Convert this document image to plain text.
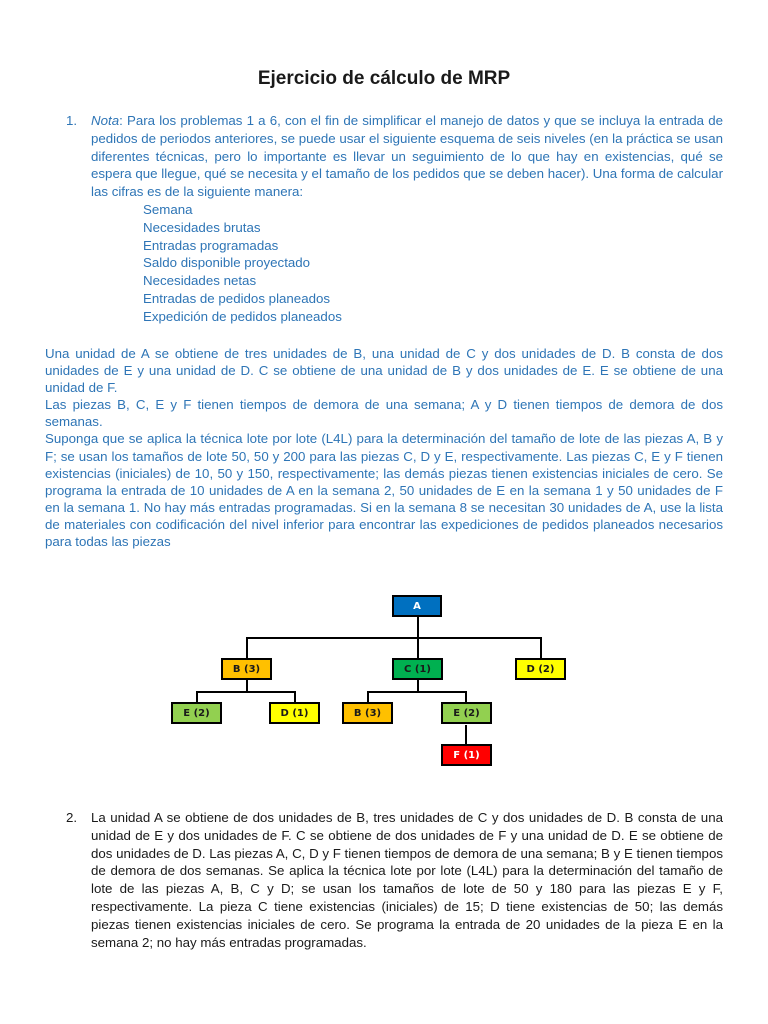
Ejercicio de cálculo de MRP
1. Nota: Para los problemas 1 a 6, con el fin de simplificar el manejo de datos y que se incluya la entrada de pedidos de periodos anteriores, se puede usar el siguiente esquema de seis niveles (en la práctica se usan diferentes técnicas, pero lo importante es llevar un seguimiento de lo que hay en existencias, qué se espera que llegue, qué se necesita y el tamaño de los pedidos que se deben hacer). Una forma de calcular las cifras es de la siguiente manera:
Semana
Necesidades brutas
Entradas programadas
Saldo disponible proyectado
Necesidades netas
Entradas de pedidos planeados
Expedición de pedidos planeados

Una unidad de A se obtiene de tres unidades de B, una unidad de C y dos unidades de D. B consta de dos unidades de E y una unidad de D. C se obtiene de una unidad de B y dos unidades de E. E se obtiene de una unidad de F.

Las piezas B, C, E y F tienen tiempos de demora de una semana; A y D tienen tiempos de demora de dos semanas.

Suponga que se aplica la técnica lote por lote (L4L) para la determinación del tamaño de lote de las piezas A, B y F; se usan los tamaños de lote 50, 50 y 200 para las piezas C, D y E, respectivamente. Las piezas C, E y F tienen existencias (iniciales) de 10, 50 y 150, respectivamente; las demás piezas tienen existencias iniciales de cero. Se programa la entrada de 10 unidades de A en la semana 2, 50 unidades de E en la semana 1 y 50 unidades de F en la semana 1. No hay más entradas programadas. Si en la semana 8 se necesitan 30 unidades de A, use la lista de materiales con codificación del nivel inferior para encontrar las expediciones de pedidos planeados necesarios para todas las piezas

A
B (3)	C (1)	D (2)
E (2)	D (1)	B (3)	E (2)
F (1)
2. La unidad A se obtiene de dos unidades de B, tres unidades de C y dos unidades de D. B consta de una unidad de E y dos unidades de F. C se obtiene de dos unidades de F y una unidad de D. E se obtiene de dos unidades de D. Las piezas A, C, D y F tienen tiempos de demora de una semana; B y E tienen tiempos de demora de dos semanas. Se aplica la técnica lote por lote (L4L) para la determinación del tamaño de lote de las piezas A, B, C y D; se usan los tamaños de lote de 50 y 180 para las piezas E y F, respectivamente. La pieza C tiene existencias (iniciales) de 15; D tiene existencias de 50; las demás piezas tienen existencias iniciales de cero. Se programa la entrada de 20 unidades de la pieza E en la semana 2; no hay más entradas programadas.
